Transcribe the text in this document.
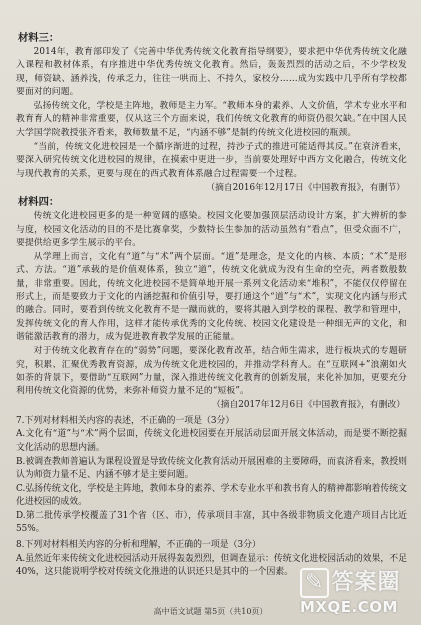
材料三：

2014年，教育部印发了《完善中华优秀传统文化教育指导纲要》，要求把中华优秀传统文化融入课程和教材体系，有序推进中华优秀传统文化教育。然后，轰轰烈烈的活动之后，不少学校发现，师资缺、涵养浅，传承乏力，往往一哄而上、不持久，家校分……成为实践中几乎所有学校都要面对的问题。

弘扬传统文化，学校是主阵地，教师是主力军。“教师本身的素养、人文价值，学术专业水平和教育育人的精神非常重要，仅从这三个方面来说，我们传统文化教育的师资仍很欠缺。”在中国人民大学国学院教授张齐看来，教师数量不足，“内涵不够”是制约传统文化进校园的瓶颈。

“当前，传统文化进校园是一个循序渐进的过程，持沙子式的推进可能适得其反。”在衰济看来，要深入研究传统文化进校园的规律，在摸索中更进一步，当前要处理好中西方文化融合，传统文化与现代教育的关系，更要与现在的西式教育体系融合过程需要一个过程。

（摘自2016年12月17日《中国教育报》，有删节）
材料四：

传统文化进校园更多的是一种宽阔的感染。校园文化要加强顶层活动设计方案，扩大辨析的参与度，校园文化活动的目的不是比赛拿奖，少数特长生参加的活动虽然有“看点”，但受众面不广，要提供给更多学生展示的平台。

从学理上而言，文化有“道”与“术”两个层面。“道”是理念，是文化的内核、本质；“术”是形式、方法。“道”承载的是价值观体系，独立“道”，传统文化就成为没有生命的空壳，两者数般数量，非常重要。因此，传统文化进校园不是简单地开展一系列文化活动来“堆积”，不能仅仅停留在形式上，而是要致力于文化的内涵挖掘和价值引导，要打通这个“道”与“术”，实现文化内涵与形式的融合。同时，要看到传统文化教育不是一蹴而就的，要将其融入到学校的课程、教学和管理中，发挥传统文化的育人作用，这样才能传承优秀的文化传统、校园文化建设是一种细无声的文化，和谐能激活教育的潜力，成为促进教育教学发展的正能量。

对于传统文化教育存在的“弱势”问题，要深化教育改革，结合师生需求，进行板块式的专题研究，积累、汇聚优秀教育资源，成为传统文化进校园的，并推动学科育人。在“互联网+”浪潮如火如荼的背景下，要借助“互联网”力量，深入推进传统文化教育的创新发展，来化补加加，更要充分利用传统文化资源的优势，来弥补师资力量不足的“短板”。

（摘自2017年12月6日《中国教育报》，有删改）
7.下列对材料相关内容的表述，不正确的一项是（3分）
A.文化有“道”与“术”两个层面，传统文化进校园要在开展活动层面开展文体活动，而是要不断挖掘文化活动的思想内涵。
B.被调查教师普遍认为课程设置是导致传统文化教育活动开展困难的主要障碍，而袁济看来，教授则认为师资力量不足、内涵不够才是主要问题。
C.弘扬传统文化，学校是主阵地，教师本身的素养、学术专业水平和教书育人的精神都影响着传统文化进校园的成效。
D.第二批传承学校覆盖了31个省（区、市），传承项目丰富，其中各级非物质文化遗产项目占比近55%。
8.下列对材料相关内容的分析和理解，不正确的一项是（3分）
A.虽然近年来传统文化进校园活动开展得轰轰烈烈，但调查显示：传统文化进校园活动的效果，不足40%，这只能说明学校对传统文化推进的认识还只是其中的一个因素。
高中语文试题 第5页（共10页）
✎ 答案圈
MXQE.COM
